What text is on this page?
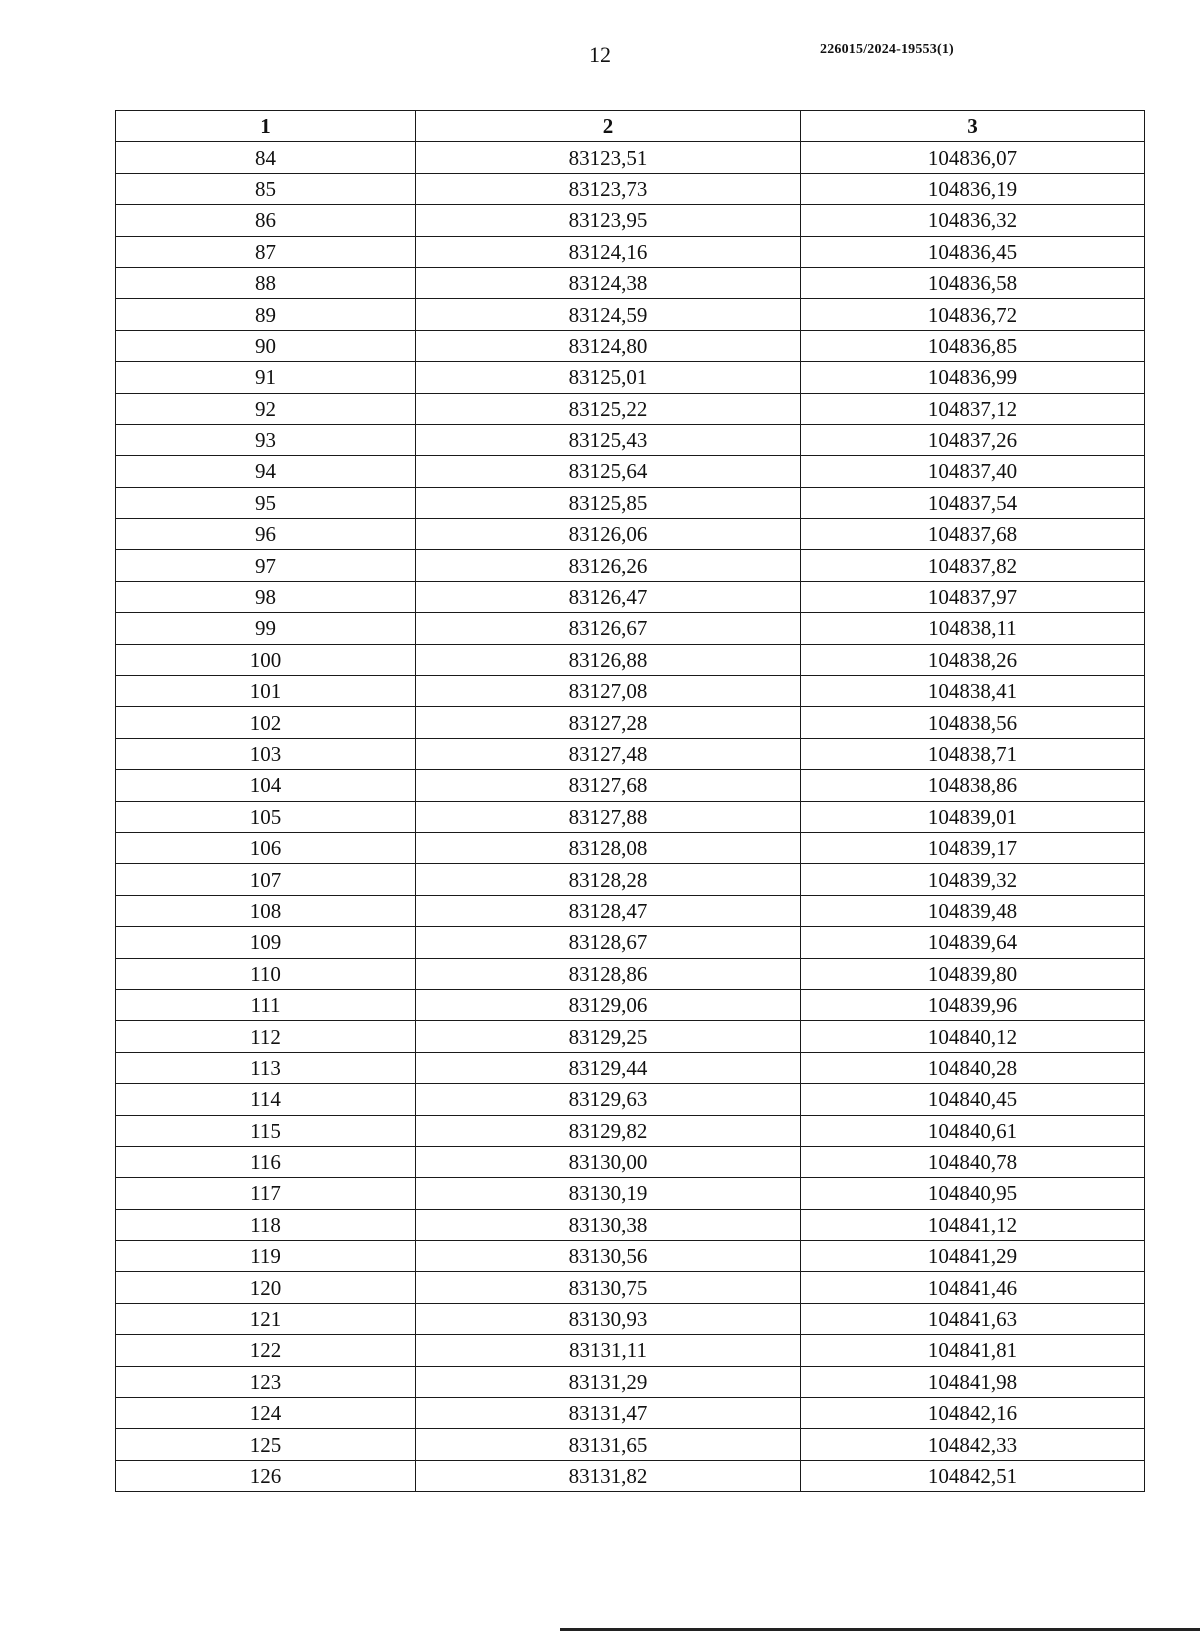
12	226015/2024-19553(1)
1	2	3
84	83123,51	104836,07
85	83123,73	104836,19
86	83123,95	104836,32
87	83124,16	104836,45
88	83124,38	104836,58
89	83124,59	104836,72
90	83124,80	104836,85
91	83125,01	104836,99
92	83125,22	104837,12
93	83125,43	104837,26
94	83125,64	104837,40
95	83125,85	104837,54
96	83126,06	104837,68
97	83126,26	104837,82
98	83126,47	104837,97
99	83126,67	104838,11
100	83126,88	104838,26
101	83127,08	104838,41
102	83127,28	104838,56
103	83127,48	104838,71
104	83127,68	104838,86
105	83127,88	104839,01
106	83128,08	104839,17
107	83128,28	104839,32
108	83128,47	104839,48
109	83128,67	104839,64
110	83128,86	104839,80
111	83129,06	104839,96
112	83129,25	104840,12
113	83129,44	104840,28
114	83129,63	104840,45
115	83129,82	104840,61
116	83130,00	104840,78
117	83130,19	104840,95
118	83130,38	104841,12
119	83130,56	104841,29
120	83130,75	104841,46
121	83130,93	104841,63
122	83131,11	104841,81
123	83131,29	104841,98
124	83131,47	104842,16
125	83131,65	104842,33
126	83131,82	104842,51
